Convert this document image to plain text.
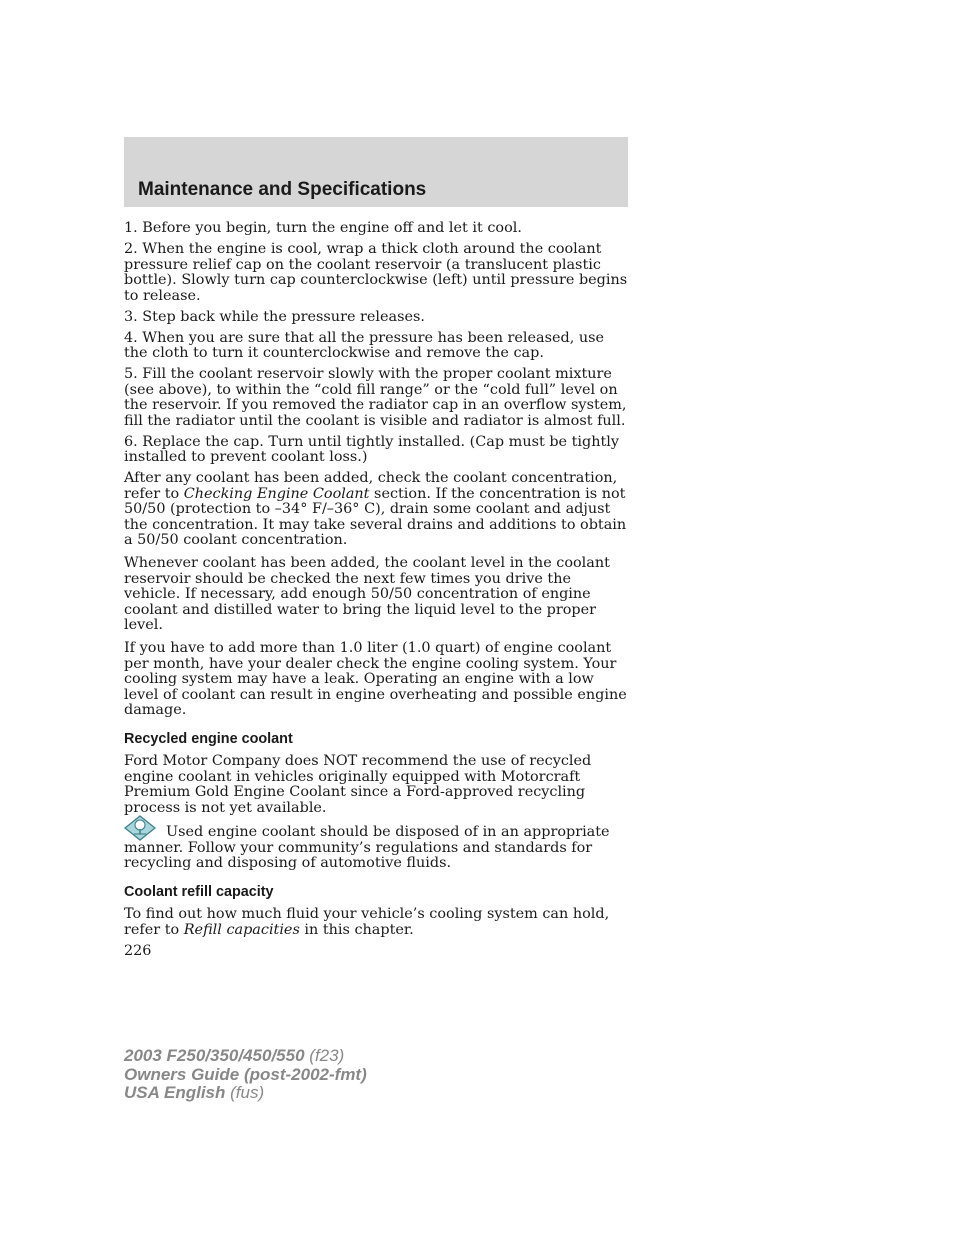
Maintenance and Specifications

1. Before you begin, turn the engine off and let it cool.

2. When the engine is cool, wrap a thick cloth around the coolant pressure relief cap on the coolant reservoir (a translucent plastic bottle). Slowly turn cap counterclockwise (left) until pressure begins to release.

3. Step back while the pressure releases.

4. When you are sure that all the pressure has been released, use the cloth to turn it counterclockwise and remove the cap.

5. Fill the coolant reservoir slowly with the proper coolant mixture (see above), to within the “cold fill range” or the “cold full” level on the reservoir. If you removed the radiator cap in an overflow system, fill the radiator until the coolant is visible and radiator is almost full.

6. Replace the cap. Turn until tightly installed. (Cap must be tightly installed to prevent coolant loss.)

After any coolant has been added, check the coolant concentration, refer to Checking Engine Coolant section. If the concentration is not 50/50 (protection to –34° F/–36° C), drain some coolant and adjust the concentration. It may take several drains and additions to obtain a 50/50 coolant concentration.

Whenever coolant has been added, the coolant level in the coolant reservoir should be checked the next few times you drive the vehicle. If necessary, add enough 50/50 concentration of engine coolant and distilled water to bring the liquid level to the proper level.

If you have to add more than 1.0 liter (1.0 quart) of engine coolant per month, have your dealer check the engine cooling system. Your cooling system may have a leak. Operating an engine with a low level of coolant can result in engine overheating and possible engine damage.

Recycled engine coolant

Ford Motor Company does NOT recommend the use of recycled engine coolant in vehicles originally equipped with Motorcraft Premium Gold Engine Coolant since a Ford-approved recycling process is not yet available.

Used engine coolant should be disposed of in an appropriate manner. Follow your community’s regulations and standards for recycling and disposing of automotive fluids.

Coolant refill capacity

To find out how much fluid your vehicle’s cooling system can hold, refer to Refill capacities in this chapter.

226

2003 F250/350/450/550 (f23)
Owners Guide (post-2002-fmt)
USA English (fus)
